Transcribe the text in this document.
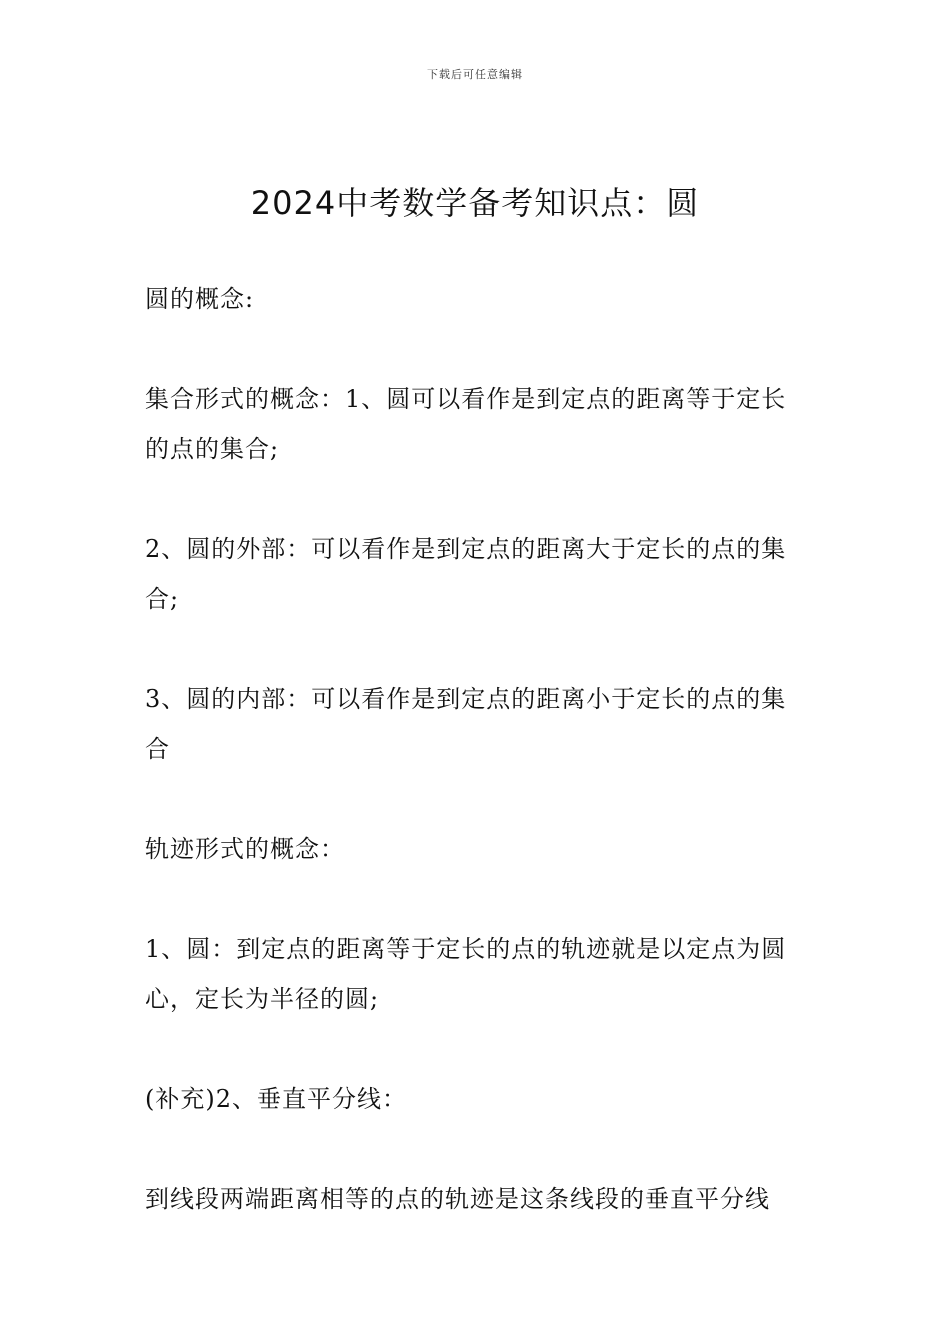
下载后可任意编辑
2024中考数学备考知识点：圆

圆的概念:

集合形式的概念：1、圆可以看作是到定点的距离等于定长的点的集合;

2、圆的外部：可以看作是到定点的距离大于定长的点的集合;

3、圆的内部：可以看作是到定点的距离小于定长的点的集合

轨迹形式的概念：

1、圆：到定点的距离等于定长的点的轨迹就是以定点为圆心，定长为半径的圆;

(补充)2、垂直平分线：

到线段两端距离相等的点的轨迹是这条线段的垂直平分线
